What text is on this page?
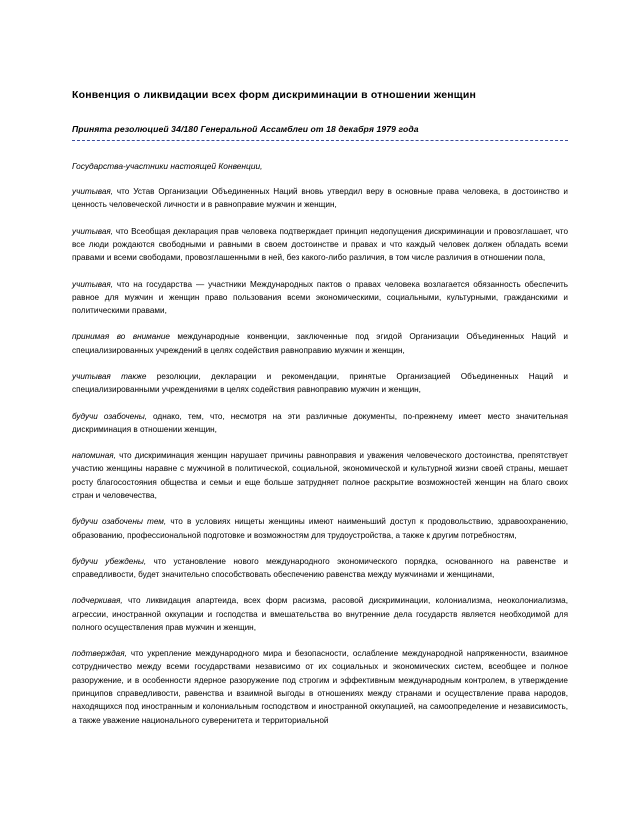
Конвенция о ликвидации всех форм дискриминации в отношении женщин
Принята резолюцией 34/180 Генеральной Ассамблеи от 18 декабря 1979 года
Государства-участники настоящей Конвенции,
учитывая, что Устав Организации Объединенных Наций вновь утвердил веру в основные права человека, в достоинство и ценность человеческой личности и в равноправие мужчин и женщин,
учитывая, что Всеобщая декларация прав человека подтверждает принцип недопущения дискриминации и провозглашает, что все люди рождаются свободными и равными в своем достоинстве и правах и что каждый человек должен обладать всеми правами и всеми свободами, провозглашенными в ней, без какого-либо различия, в том числе различия в отношении пола,
учитывая, что на государства — участники Международных пактов о правах человека возлагается обязанность обеспечить равное для мужчин и женщин право пользования всеми экономическими, социальными, культурными, гражданскими и политическими правами,
принимая во внимание международные конвенции, заключенные под эгидой Организации Объединенных Наций и специализированных учреждений в целях содействия равноправию мужчин и женщин,
учитывая также резолюции, декларации и рекомендации, принятые Организацией Объединенных Наций и специализированными учреждениями в целях содействия равноправию мужчин и женщин,
будучи озабочены, однако, тем, что, несмотря на эти различные документы, по-прежнему имеет место значительная дискриминация в отношении женщин,
напоминая, что дискриминация женщин нарушает причины равноправия и уважения человеческого достоинства, препятствует участию женщины наравне с мужчиной в политической, социальной, экономической и культурной жизни своей страны, мешает росту благосостояния общества и семьи и еще больше затрудняет полное раскрытие возможностей женщин на благо своих стран и человечества,
будучи озабочены тем, что в условиях нищеты женщины имеют наименьший доступ к продовольствию, здравоохранению, образованию, профессиональной подготовке и возможностям для трудоустройства, а также к другим потребностям,
будучи убеждены, что установление нового международного экономического порядка, основанного на равенстве и справедливости, будет значительно способствовать обеспечению равенства между мужчинами и женщинами,
подчеркивая, что ликвидация апартеида, всех форм расизма, расовой дискриминации, колониализма, неоколониализма, агрессии, иностранной оккупации и господства и вмешательства во внутренние дела государств является необходимой для полного осуществления прав мужчин и женщин,
подтверждая, что укрепление международного мира и безопасности, ослабление международной напряженности, взаимное сотрудничество между всеми государствами независимо от их социальных и экономических систем, всеобщее и полное разоружение, и в особенности ядерное разоружение под строгим и эффективным международным контролем, в утверждение принципов справедливости, равенства и взаимной выгоды в отношениях между странами и осуществление права народов, находящихся под иностранным и колониальным господством и иностранной оккупацией, на самоопределение и независимость, а также уважение национального суверенитета и территориальной
